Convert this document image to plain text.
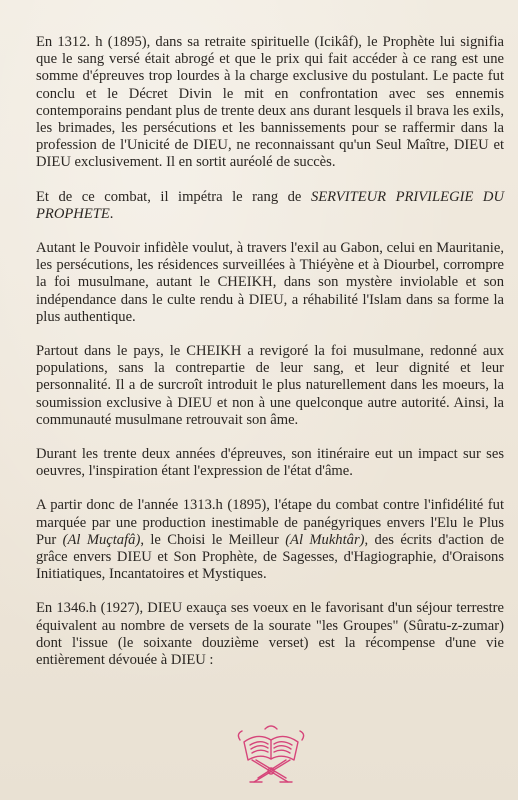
En 1312. h (1895), dans sa retraite spirituelle (Icikâf), le Prophète lui signifia que le sang versé était abrogé et que le prix qui fait accéder à ce rang est une somme d'épreuves trop lourdes à la charge exclusive du postulant. Le pacte fut conclu et le Décret Divin le mit en confrontation avec ses ennemis contemporains pendant plus de trente deux ans durant lesquels il brava les exils, les brimades, les persécutions et les bannissements pour se raffermir dans la profession de l'Unicité de DIEU, ne reconnaissant qu'un Seul Maître, DIEU et DIEU exclusivement. Il en sortit auréolé de succès.

Et de ce combat, il impétra le rang de SERVITEUR PRIVILEGIE DU PROPHETE.

Autant le Pouvoir infidèle voulut, à travers l'exil au Gabon, celui en Mauritanie, les persécutions, les résidences surveillées à Thiéyène et à Diourbel, corrompre la foi musulmane, autant le CHEIKH, dans son mystère inviolable et son indépendance dans le culte rendu à DIEU, a réhabilité l'Islam dans sa forme la plus authentique.

Partout dans le pays, le CHEIKH a revigoré la foi musulmane, redonné aux populations, sans la contrepartie de leur sang, et leur dignité et leur personnalité. Il a de surcroît introduit le plus naturellement dans les moeurs, la soumission exclusive à DIEU et non à une quelconque autre autorité. Ainsi, la communauté musulmane retrouvait son âme.

Durant les trente deux années d'épreuves, son itinéraire eut un impact sur ses oeuvres, l'inspiration étant l'expression de l'état d'âme.

A partir donc de l'année 1313.h (1895), l'étape du combat contre l'infidélité fut marquée par une production inestimable de panégyriques envers l'Elu le Plus Pur (Al Muçtafâ), le Choisi le Meilleur (Al Mukhtâr), des écrits d'action de grâce envers DIEU et Son Prophète, de Sagesses, d'Hagiographie, d'Oraisons Initiatiques, Incantatoires et Mystiques.

En 1346.h (1927), DIEU exauça ses voeux en le favorisant d'un séjour terrestre équivalent au nombre de versets de la sourate "les Groupes" (Sûratu-z-zumar) dont l'issue (le soixante douzième verset) est la récompense d'une vie entièrement dévouée à DIEU :
